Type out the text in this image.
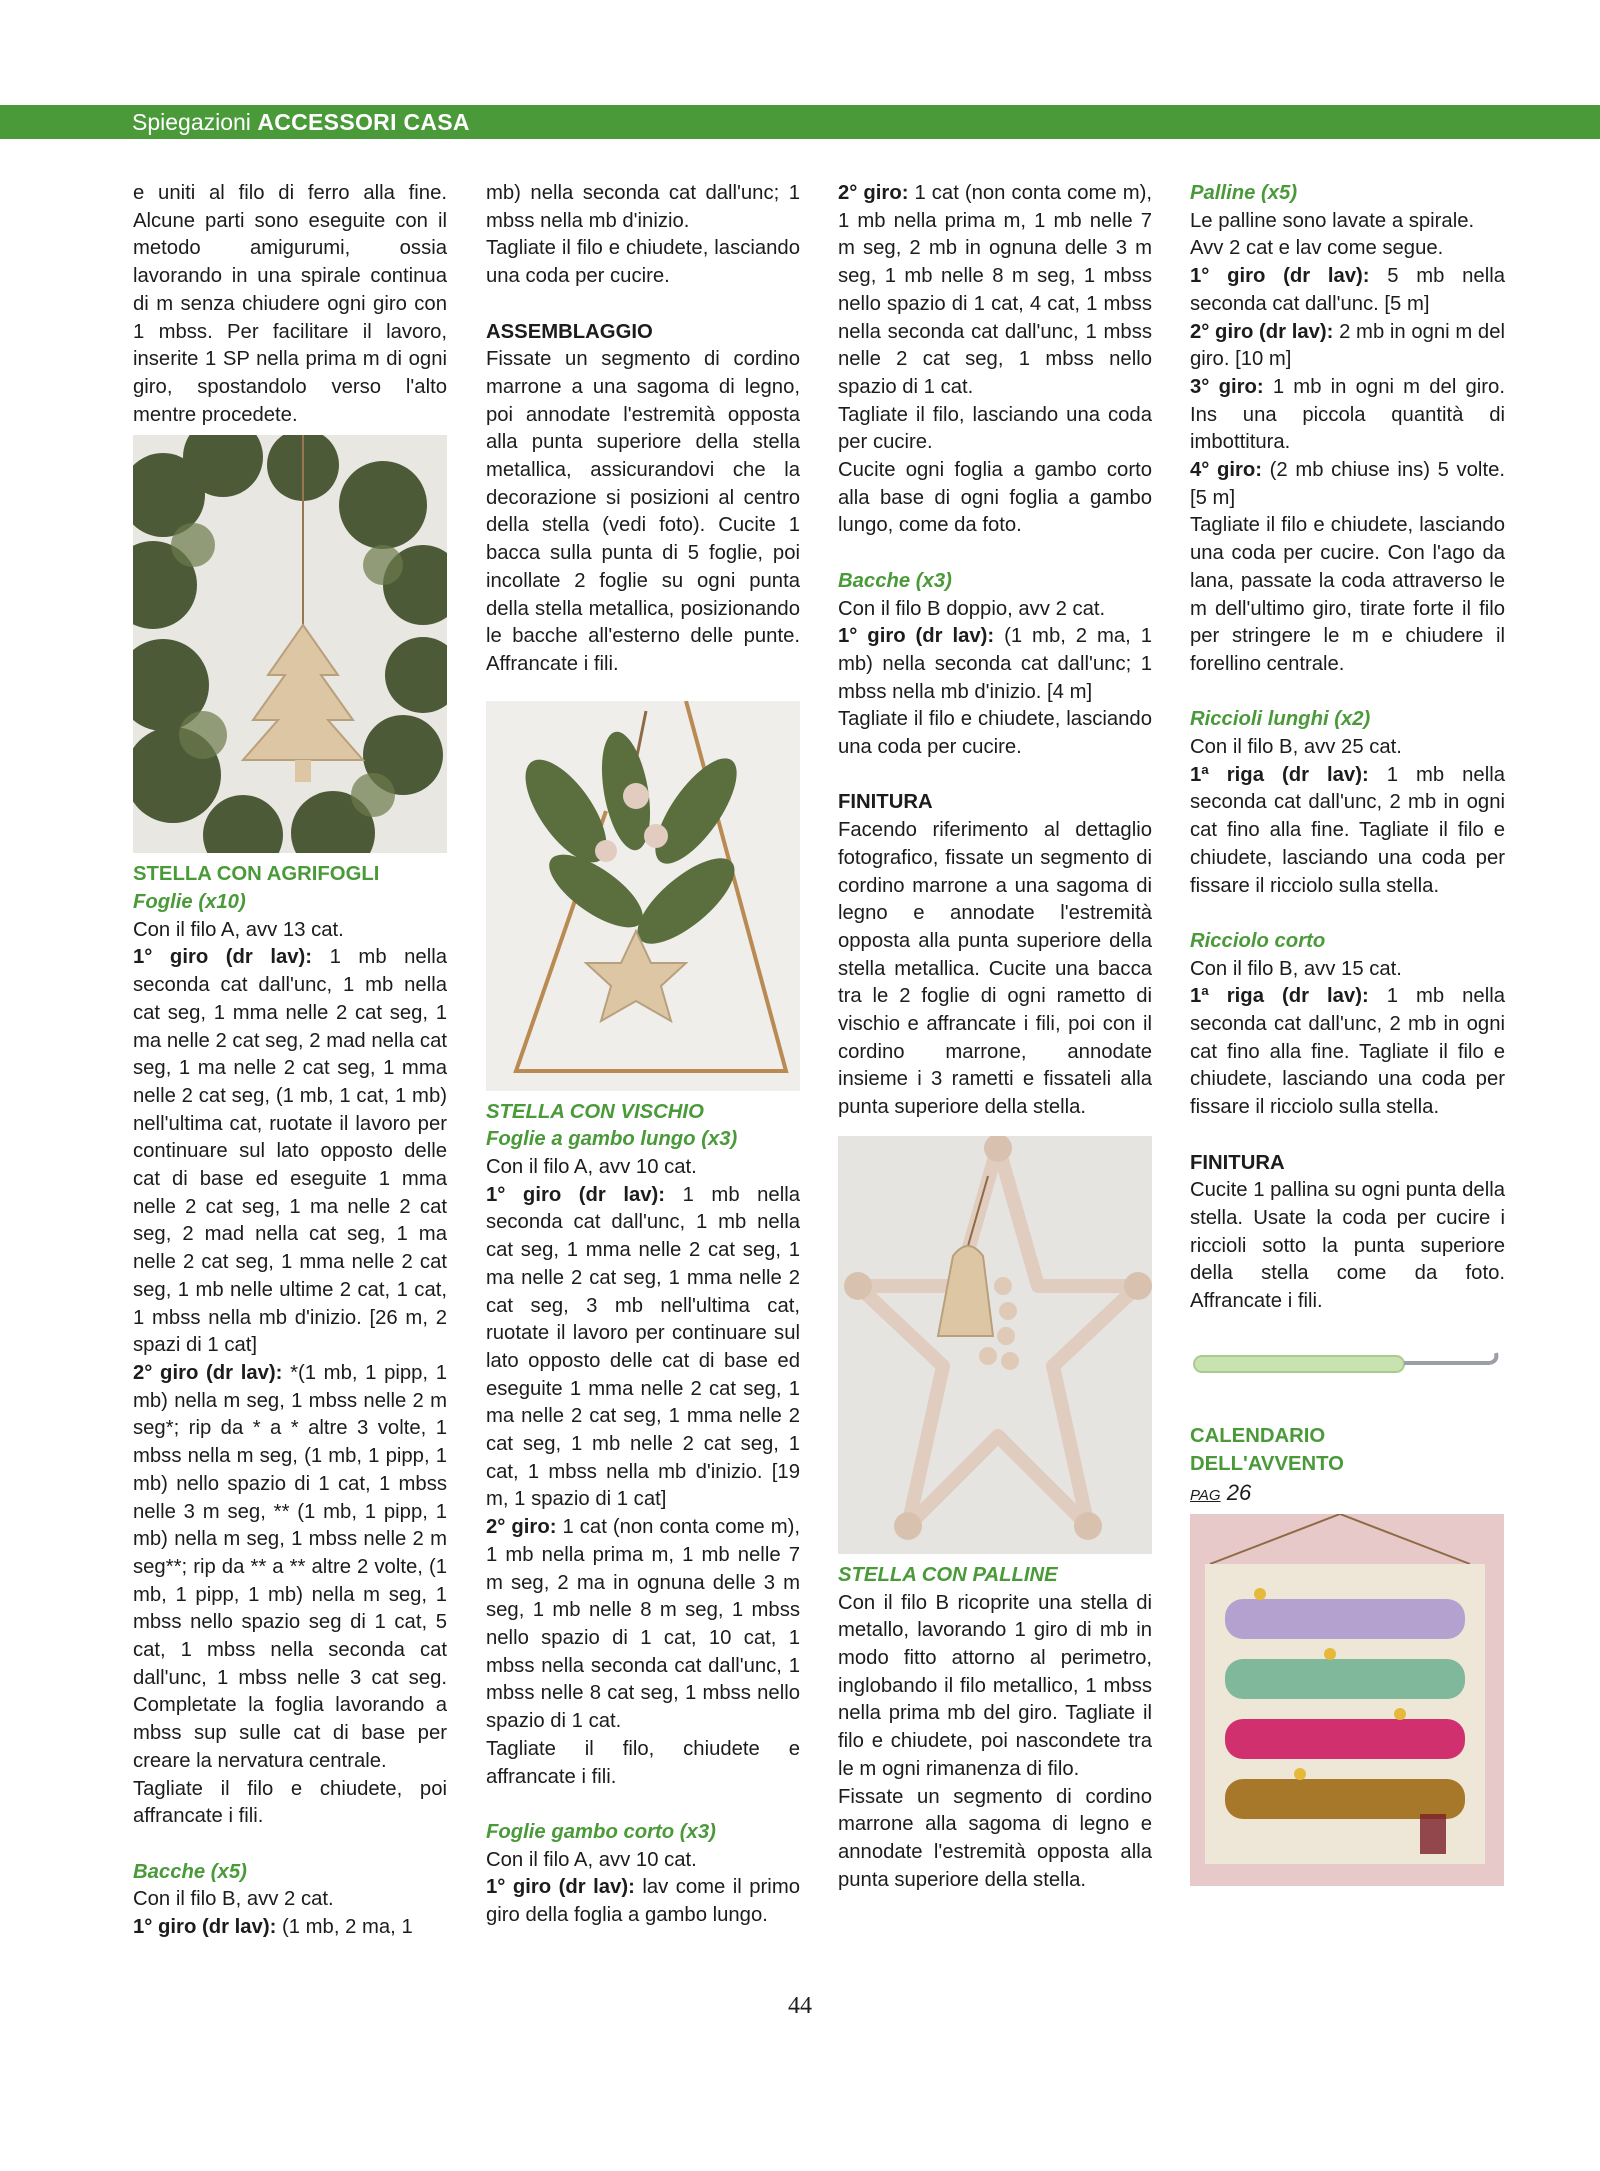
Spiegazioni ACCESSORI CASA

e uniti al filo di ferro alla fine. Alcune parti sono eseguite con il metodo amigurumi, ossia lavorando in una spirale continua di m senza chiudere ogni giro con 1 mbss. Per facilitare il lavoro, inserite 1 SP nella prima m di ogni giro, spostandolo verso l'alto mentre procedete.

STELLA CON AGRIFOGLI

Foglie (x10)

Con il filo A, avv 13 cat.

1° giro (dr lav): 1 mb nella seconda cat dall'unc, 1 mb nella cat seg, 1 mma nelle 2 cat seg, 1 ma nelle 2 cat seg, 2 mad nella cat seg, 1 ma nelle 2 cat seg, 1 mma nelle 2 cat seg, (1 mb, 1 cat, 1 mb) nell'ultima cat, ruotate il lavoro per continuare sul lato opposto delle cat di base ed eseguite 1 mma nelle 2 cat seg, 1 ma nelle 2 cat seg, 2 mad nella cat seg, 1 ma nelle 2 cat seg, 1 mma nelle 2 cat seg, 1 mb nelle ultime 2 cat, 1 cat, 1 mbss nella mb d'inizio. [26 m, 2 spazi di 1 cat]

2° giro (dr lav): *(1 mb, 1 pipp, 1 mb) nella m seg, 1 mbss nelle 2 m seg*; rip da * a * altre 3 volte, 1 mbss nella m seg, (1 mb, 1 pipp, 1 mb) nello spazio di 1 cat, 1 mbss nelle 3 m seg, ** (1 mb, 1 pipp, 1 mb) nella m seg, 1 mbss nelle 2 m seg**; rip da ** a ** altre 2 volte, (1 mb, 1 pipp, 1 mb) nella m seg, 1 mbss nello spazio seg di 1 cat, 5 cat, 1 mbss nella seconda cat dall'unc, 1 mbss nelle 3 cat seg. Completate la foglia lavorando a mbss sup sulle cat di base per creare la nervatura centrale.

Tagliate il filo e chiudete, poi affrancate i fili.

Bacche (x5)

Con il filo B, avv 2 cat.

1° giro (dr lav): (1 mb, 2 ma, 1

mb) nella seconda cat dall'unc; 1 mbss nella mb d'inizio.

Tagliate il filo e chiudete, lasciando una coda per cucire.

ASSEMBLAGGIO

Fissate un segmento di cordino marrone a una sagoma di legno, poi annodate l'estremità opposta alla punta superiore della stella metallica, assicurandovi che la decorazione si posizioni al centro della stella (vedi foto). Cucite 1 bacca sulla punta di 5 foglie, poi incollate 2 foglie su ogni punta della stella metallica, posizionando le bacche all'esterno delle punte. Affrancate i fili.

STELLA CON VISCHIO

Foglie a gambo lungo (x3)

Con il filo A, avv 10 cat.

1° giro (dr lav): 1 mb nella seconda cat dall'unc, 1 mb nella cat seg, 1 mma nelle 2 cat seg, 1 ma nelle 2 cat seg, 1 mma nelle 2 cat seg, 3 mb nell'ultima cat, ruotate il lavoro per continuare sul lato opposto delle cat di base ed eseguite 1 mma nelle 2 cat seg, 1 ma nelle 2 cat seg, 1 mma nelle 2 cat seg, 1 mb nelle 2 cat seg, 1 cat, 1 mbss nella mb d'inizio. [19 m, 1 spazio di 1 cat]

2° giro: 1 cat (non conta come m), 1 mb nella prima m, 1 mb nelle 7 m seg, 2 ma in ognuna delle 3 m seg, 1 mb nelle 8 m seg, 1 mbss nello spazio di 1 cat, 10 cat, 1 mbss nella seconda cat dall'unc, 1 mbss nelle 8 cat seg, 1 mbss nello spazio di 1 cat.

Tagliate il filo, chiudete e affrancate i fili.

Foglie gambo corto (x3)

Con il filo A, avv 10 cat.

1° giro (dr lav): lav come il primo giro della foglia a gambo lungo.

2° giro: 1 cat (non conta come m), 1 mb nella prima m, 1 mb nelle 7 m seg, 2 mb in ognuna delle 3 m seg, 1 mb nelle 8 m seg, 1 mbss nello spazio di 1 cat, 4 cat, 1 mbss nella seconda cat dall'unc, 1 mbss nelle 2 cat seg, 1 mbss nello spazio di 1 cat.

Tagliate il filo, lasciando una coda per cucire.

Cucite ogni foglia a gambo corto alla base di ogni foglia a gambo lungo, come da foto.

Bacche (x3)

Con il filo B doppio, avv 2 cat.

1° giro (dr lav): (1 mb, 2 ma, 1 mb) nella seconda cat dall'unc; 1 mbss nella mb d'inizio. [4 m]

Tagliate il filo e chiudete, lasciando una coda per cucire.

FINITURA

Facendo riferimento al dettaglio fotografico, fissate un segmento di cordino marrone a una sagoma di legno e annodate l'estremità opposta alla punta superiore della stella metallica. Cucite una bacca tra le 2 foglie di ogni rametto di vischio e affrancate i fili, poi con il cordino marrone, annodate insieme i 3 rametti e fissateli alla punta superiore della stella.

STELLA CON PALLINE

Con il filo B ricoprite una stella di metallo, lavorando 1 giro di mb in modo fitto attorno al perimetro, inglobando il filo metallico, 1 mbss nella prima mb del giro. Tagliate il filo e chiudete, poi nascondete tra le m ogni rimanenza di filo.

Fissate un segmento di cordino marrone alla sagoma di legno e annodate l'estremità opposta alla punta superiore della stella.

Palline (x5)

Le palline sono lavate a spirale.

Avv 2 cat e lav come segue.

1° giro (dr lav): 5 mb nella seconda cat dall'unc. [5 m]

2° giro (dr lav): 2 mb in ogni m del giro. [10 m]

3° giro: 1 mb in ogni m del giro. Ins una piccola quantità di imbottitura.

4° giro: (2 mb chiuse ins) 5 volte. [5 m]

Tagliate il filo e chiudete, lasciando una coda per cucire. Con l'ago da lana, passate la coda attraverso le m dell'ultimo giro, tirate forte il filo per stringere le m e chiudere il forellino centrale.

Riccioli lunghi (x2)

Con il filo B, avv 25 cat.

1ª riga (dr lav): 1 mb nella seconda cat dall'unc, 2 mb in ogni cat fino alla fine. Tagliate il filo e chiudete, lasciando una coda per fissare il ricciolo sulla stella.

Ricciolo corto

Con il filo B, avv 15 cat.

1ª riga (dr lav): 1 mb nella seconda cat dall'unc, 2 mb in ogni cat fino alla fine. Tagliate il filo e chiudete, lasciando una coda per fissare il ricciolo sulla stella.

FINITURA

Cucite 1 pallina su ogni punta della stella. Usate la coda per cucire i riccioli sotto la punta superiore della stella come da foto. Affrancate i fili.

CALENDARIO

DELL'AVVENTO

PAG 26

44
